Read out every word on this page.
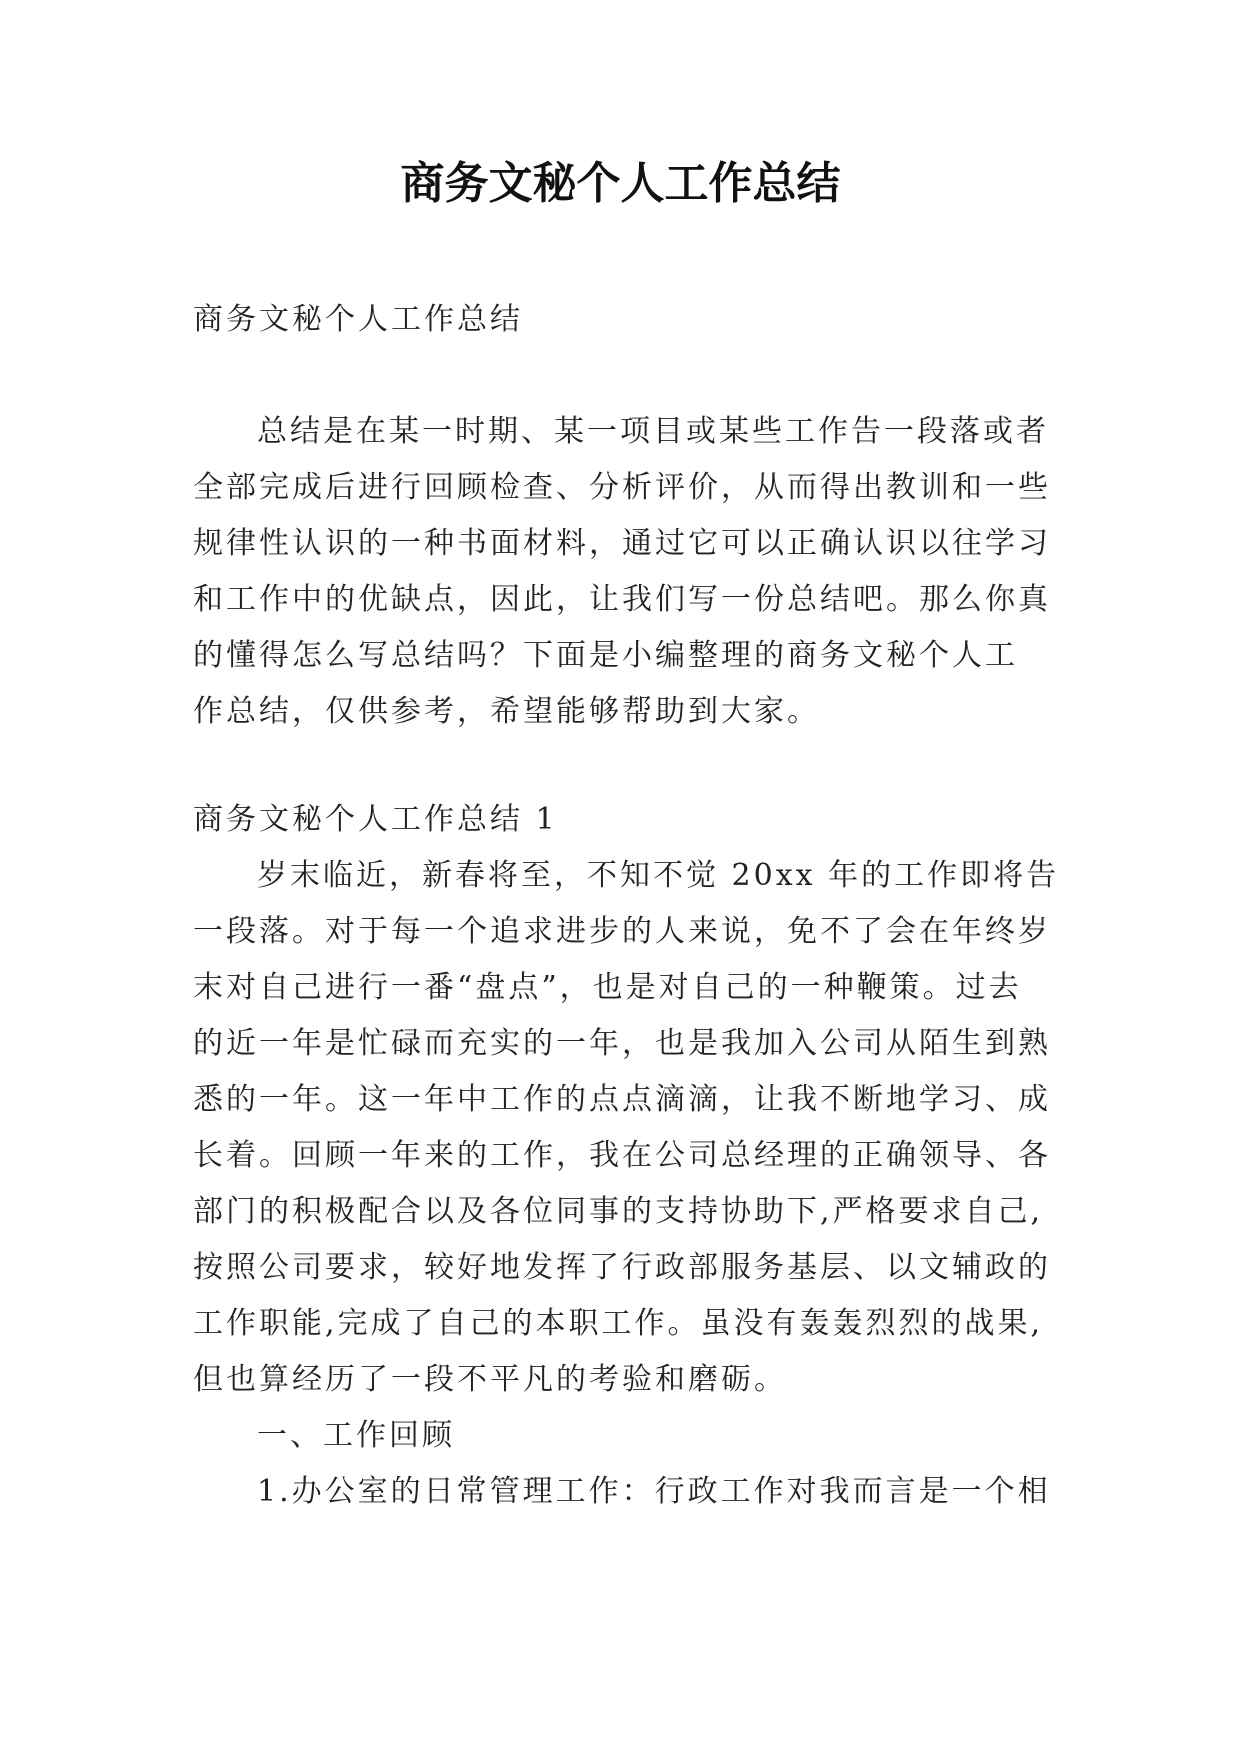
商务文秘个人工作总结

商务文秘个人工作总结

总结是在某一时期、某一项目或某些工作告一段落或者
全部完成后进行回顾检查、分析评价，从而得出教训和一些
规律性认识的一种书面材料，通过它可以正确认识以往学习
和工作中的优缺点，因此，让我们写一份总结吧。那么你真
的懂得怎么写总结吗？下面是小编整理的商务文秘个人工
作总结，仅供参考，希望能够帮助到大家。

商务文秘个人工作总结 1

岁末临近，新春将至，不知不觉 20xx 年的工作即将告
一段落。对于每一个追求进步的人来说，免不了会在年终岁
末对自己进行一番“盘点”，也是对自己的一种鞭策。过去
的近一年是忙碌而充实的一年，也是我加入公司从陌生到熟
悉的一年。这一年中工作的点点滴滴，让我不断地学习、成
长着。回顾一年来的工作，我在公司总经理的正确领导、各
部门的积极配合以及各位同事的支持协助下,严格要求自己,
按照公司要求，较好地发挥了行政部服务基层、以文辅政的
工作职能,完成了自己的本职工作。虽没有轰轰烈烈的战果,
但也算经历了一段不平凡的考验和磨砺。

一、工作回顾

1.办公室的日常管理工作：行政工作对我而言是一个相
